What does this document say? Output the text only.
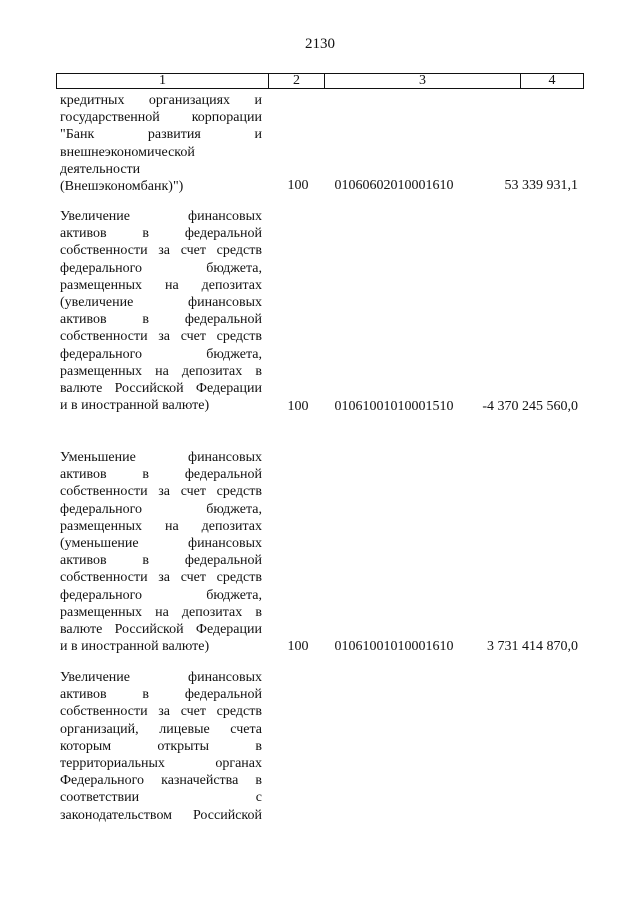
2130
1	2	3	4
кредитных организациях и
государственной корпорации
"Банк развития и
внешнеэкономической
деятельности
(Внешэкономбанк)")	100	01060602010001610	53 339 931,1
Увеличение финансовых
активов в федеральной
собственности за счет средств
федерального бюджета,
размещенных на депозитах
(увеличение финансовых
активов в федеральной
собственности за счет средств
федерального бюджета,
размещенных на депозитах в
валюте Российской Федерации
и в иностранной валюте)	100	01061001010001510	-4 370 245 560,0
Уменьшение финансовых
активов в федеральной
собственности за счет средств
федерального бюджета,
размещенных на депозитах
(уменьшение финансовых
активов в федеральной
собственности за счет средств
федерального бюджета,
размещенных на депозитах в
валюте Российской Федерации
и в иностранной валюте)	100	01061001010001610	3 731 414 870,0
Увеличение финансовых
активов в федеральной
собственности за счет средств
организаций, лицевые счета
которым открыты в
территориальных органах
Федерального казначейства в
соответствии с
законодательством Российской
